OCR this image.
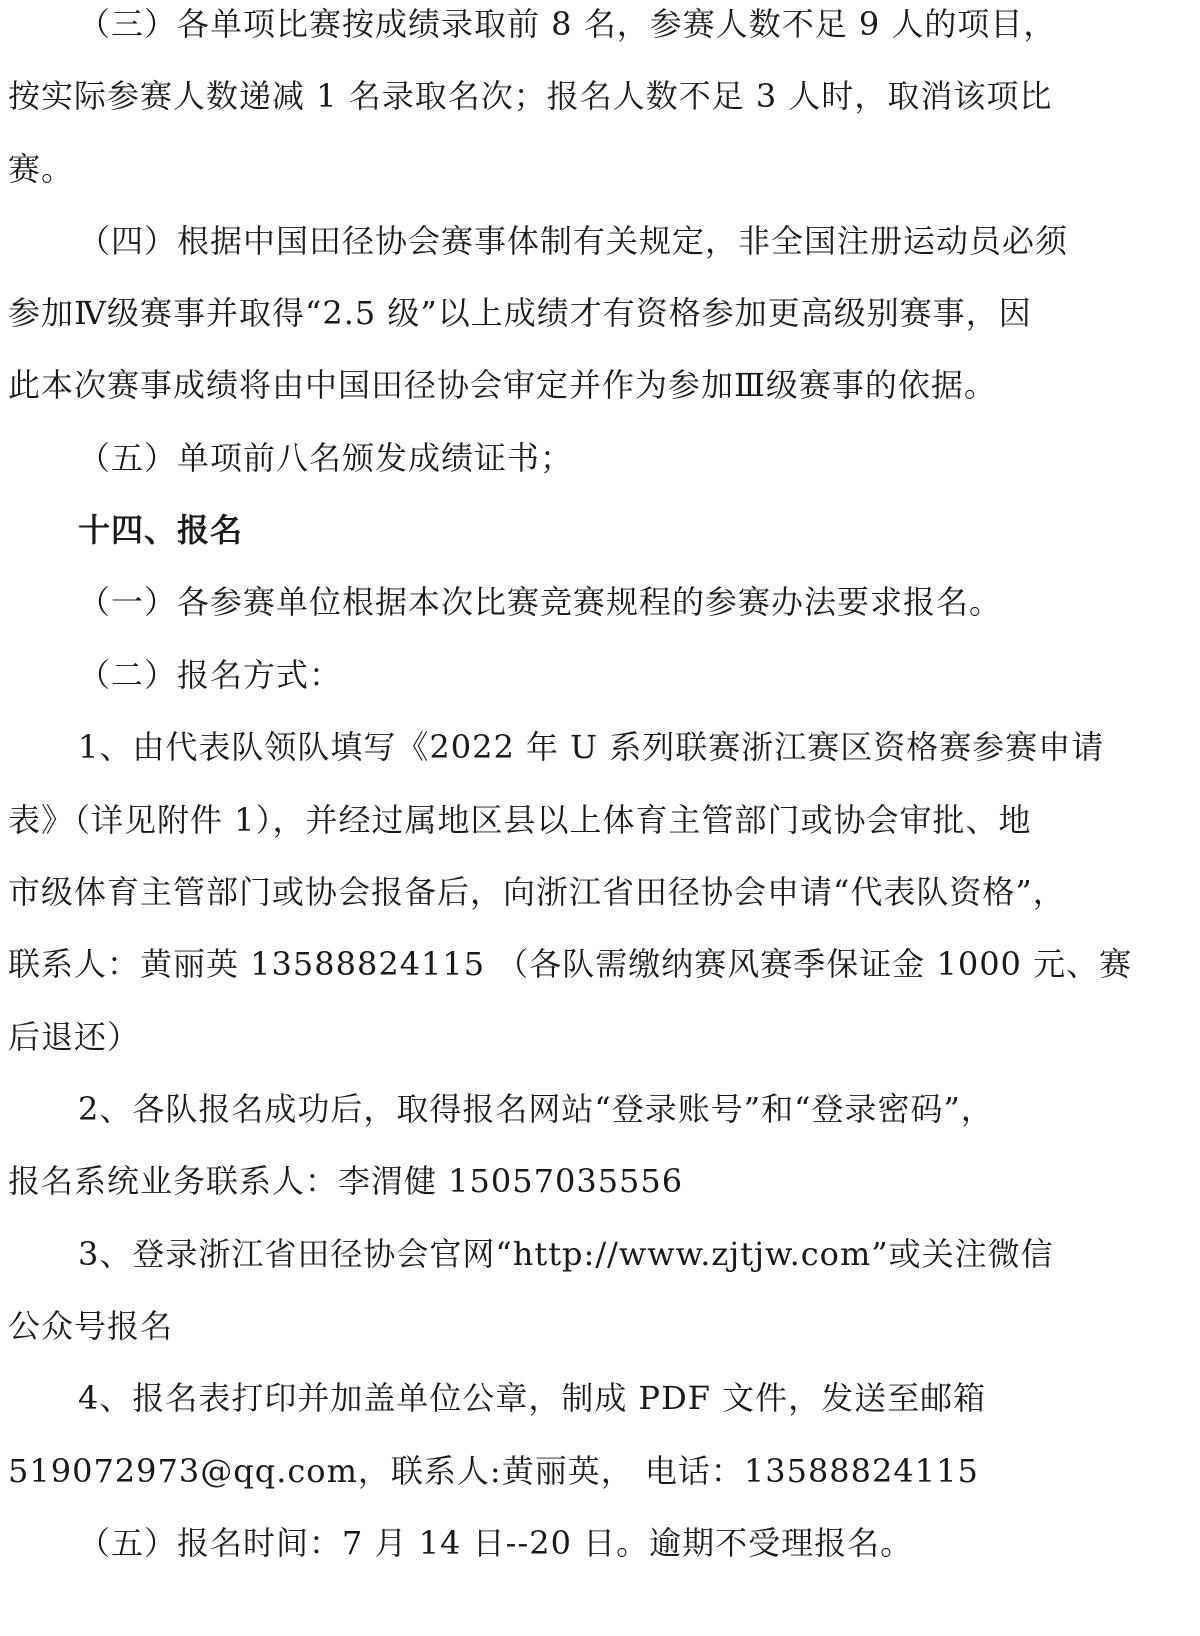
（三）各单项比赛按成绩录取前 8 名，参赛人数不足 9 人的项目，
按实际参赛人数递减 1 名录取名次；报名人数不足 3 人时，取消该项比
赛。
（四）根据中国田径协会赛事体制有关规定，非全国注册运动员必须
参加Ⅳ级赛事并取得“2.5 级”以上成绩才有资格参加更高级别赛事，因
此本次赛事成绩将由中国田径协会审定并作为参加Ⅲ级赛事的依据。
（五）单项前八名颁发成绩证书；
十四、报名
（一）各参赛单位根据本次比赛竞赛规程的参赛办法要求报名。
（二）报名方式：
1、由代表队领队填写《2022 年 U 系列联赛浙江赛区资格赛参赛申请
表》（详见附件 1），并经过属地区县以上体育主管部门或协会审批、地
市级体育主管部门或协会报备后，向浙江省田径协会申请“代表队资格”，
联系人：黄丽英 13588824115 （各队需缴纳赛风赛季保证金 1000 元、赛
后退还）
2、各队报名成功后，取得报名网站“登录账号”和“登录密码”，
报名系统业务联系人：李渭健 15057035556
3、登录浙江省田径协会官网“http://www.zjtjw.com”或关注微信
公众号报名
4、报名表打印并加盖单位公章，制成 PDF 文件，发送至邮箱
519072973@qq.com，联系人:黄丽英， 电话：13588824115
（五）报名时间：7 月 14 日--20 日。逾期不受理报名。
